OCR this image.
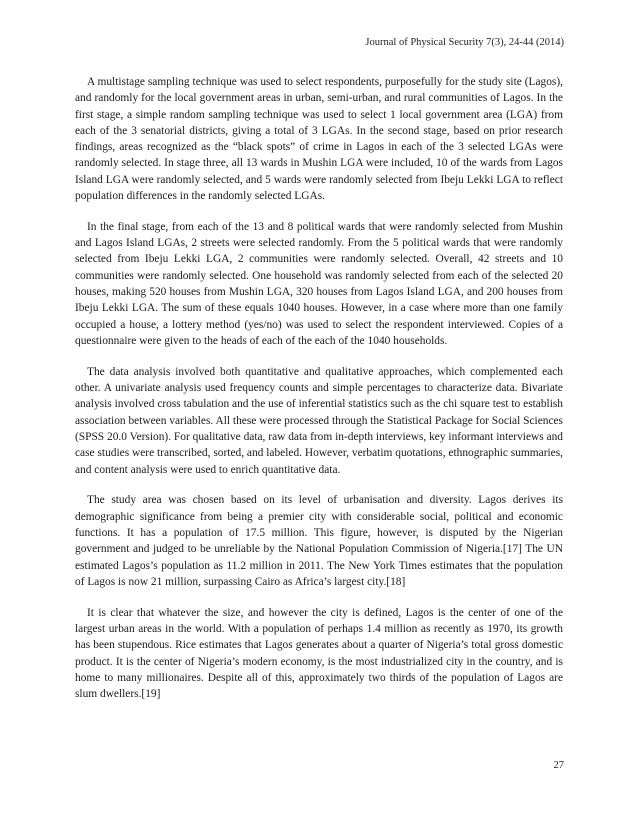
Journal of Physical Security 7(3), 24-44 (2014)

A multistage sampling technique was used to select respondents, purposefully for the study site (Lagos), and randomly for the local government areas in urban, semi-urban, and rural communities of Lagos. In the first stage, a simple random sampling technique was used to select 1 local government area (LGA) from each of the 3 senatorial districts, giving a total of 3 LGAs. In the second stage, based on prior research findings, areas recognized as the “black spots” of crime in Lagos in each of the 3 selected LGAs were randomly selected. In stage three, all 13 wards in Mushin LGA were included, 10 of the wards from Lagos Island LGA were randomly selected, and 5 wards were randomly selected from Ibeju Lekki LGA to reflect population differences in the randomly selected LGAs.

In the final stage, from each of the 13 and 8 political wards that were randomly selected from Mushin and Lagos Island LGAs, 2 streets were selected randomly. From the 5 political wards that were randomly selected from Ibeju Lekki LGA, 2 communities were randomly selected. Overall, 42 streets and 10 communities were randomly selected. One household was randomly selected from each of the selected 20 houses, making 520 houses from Mushin LGA, 320 houses from Lagos Island LGA, and 200 houses from Ibeju Lekki LGA. The sum of these equals 1040 houses. However, in a case where more than one family occupied a house, a lottery method (yes/no) was used to select the respondent interviewed. Copies of a questionnaire were given to the heads of each of the each of the 1040 households.

The data analysis involved both quantitative and qualitative approaches, which complemented each other. A univariate analysis used frequency counts and simple percentages to characterize data. Bivariate analysis involved cross tabulation and the use of inferential statistics such as the chi square test to establish association between variables. All these were processed through the Statistical Package for Social Sciences (SPSS 20.0 Version). For qualitative data, raw data from in-depth interviews, key informant interviews and case studies were transcribed, sorted, and labeled. However, verbatim quotations, ethnographic summaries, and content analysis were used to enrich quantitative data.

The study area was chosen based on its level of urbanisation and diversity. Lagos derives its demographic significance from being a premier city with considerable social, political and economic functions. It has a population of 17.5 million. This figure, however, is disputed by the Nigerian government and judged to be unreliable by the National Population Commission of Nigeria.[17] The UN estimated Lagos’s population as 11.2 million in 2011. The New York Times estimates that the population of Lagos is now 21 million, surpassing Cairo as Africa’s largest city.[18]

It is clear that whatever the size, and however the city is defined, Lagos is the center of one of the largest urban areas in the world. With a population of perhaps 1.4 million as recently as 1970, its growth has been stupendous. Rice estimates that Lagos generates about a quarter of Nigeria’s total gross domestic product. It is the center of Nigeria’s modern economy, is the most industrialized city in the country, and is home to many millionaires. Despite all of this, approximately two thirds of the population of Lagos are slum dwellers.[19]

27
